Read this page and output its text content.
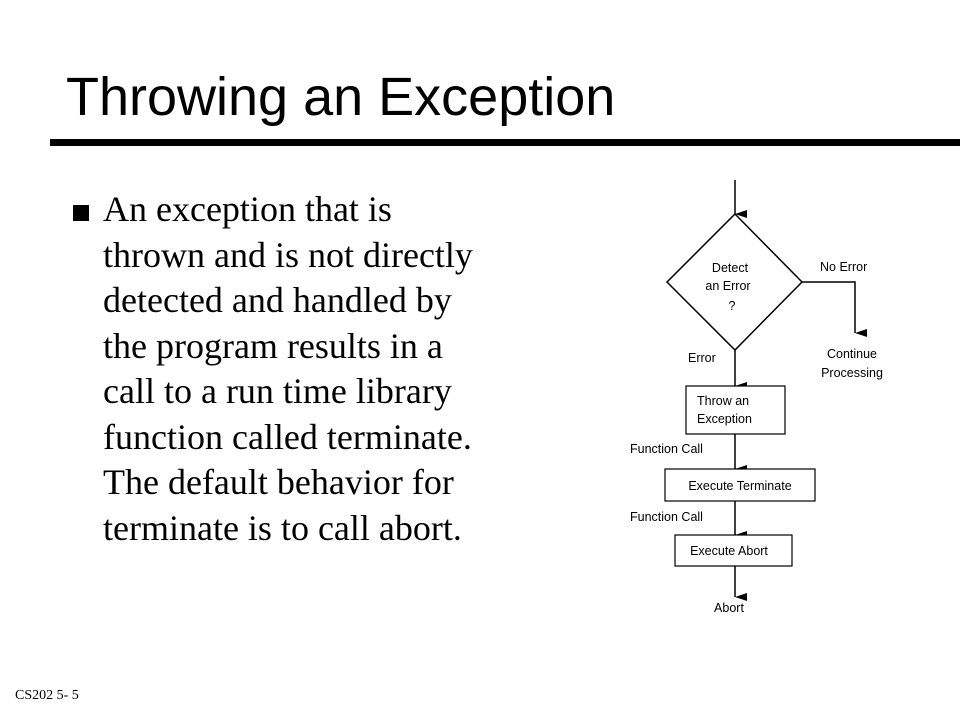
Throwing an Exception
An exception that is
thrown and is not directly
detected and handled by
the program results in a
call to a run time library
function called terminate.
The default behavior for
terminate is to call abort.
Detect
an Error
?
No Error
Continue
Processing
Error
Throw an
Exception
Function Call
Execute Terminate
Function Call
Execute Abort
Abort
CS202 5- 5
